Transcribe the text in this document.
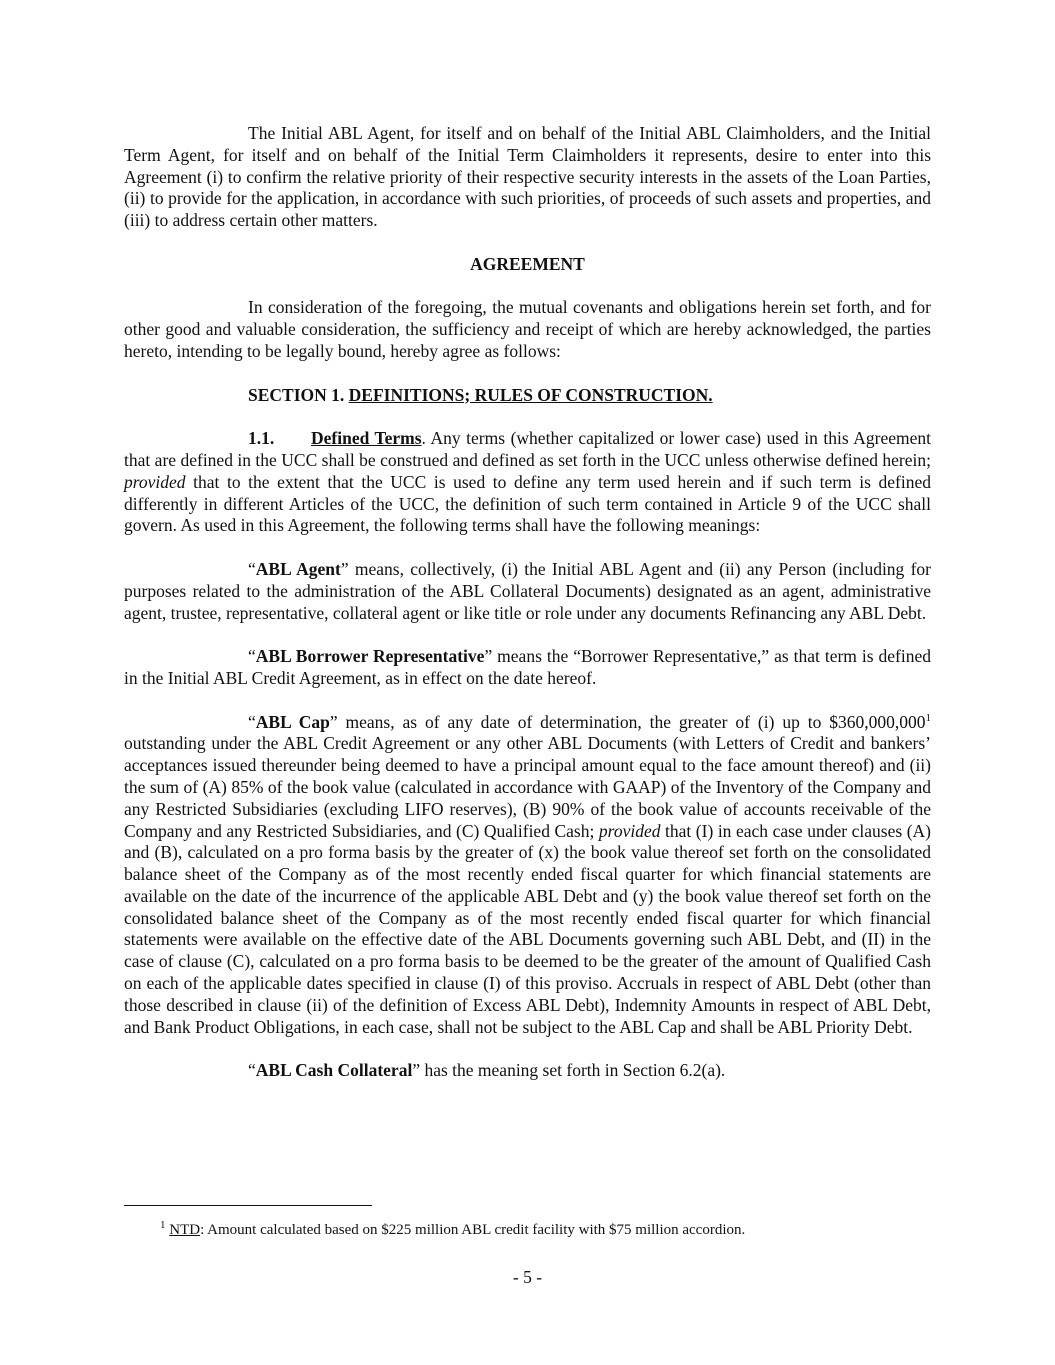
The Initial ABL Agent, for itself and on behalf of the Initial ABL Claimholders, and the Initial Term Agent, for itself and on behalf of the Initial Term Claimholders it represents, desire to enter into this Agreement (i) to confirm the relative priority of their respective security interests in the assets of the Loan Parties, (ii) to provide for the application, in accordance with such priorities, of proceeds of such assets and properties, and (iii) to address certain other matters.

AGREEMENT

In consideration of the foregoing, the mutual covenants and obligations herein set forth, and for other good and valuable consideration, the sufficiency and receipt of which are hereby acknowledged, the parties hereto, intending to be legally bound, hereby agree as follows:

SECTION 1. DEFINITIONS; RULES OF CONSTRUCTION.

1.1. Defined Terms. Any terms (whether capitalized or lower case) used in this Agreement that are defined in the UCC shall be construed and defined as set forth in the UCC unless otherwise defined herein; provided that to the extent that the UCC is used to define any term used herein and if such term is defined differently in different Articles of the UCC, the definition of such term contained in Article 9 of the UCC shall govern. As used in this Agreement, the following terms shall have the following meanings:

“ABL Agent” means, collectively, (i) the Initial ABL Agent and (ii) any Person (including for purposes related to the administration of the ABL Collateral Documents) designated as an agent, administrative agent, trustee, representative, collateral agent or like title or role under any documents Refinancing any ABL Debt.

“ABL Borrower Representative” means the “Borrower Representative,” as that term is defined in the Initial ABL Credit Agreement, as in effect on the date hereof.

“ABL Cap” means, as of any date of determination, the greater of (i) up to $360,000,000$^1$ outstanding under the ABL Credit Agreement or any other ABL Documents (with Letters of Credit and bankers’ acceptances issued thereunder being deemed to have a principal amount equal to the face amount thereof) and (ii) the sum of (A) 85% of the book value (calculated in accordance with GAAP) of the Inventory of the Company and any Restricted Subsidiaries (excluding LIFO reserves), (B) 90% of the book value of accounts receivable of the Company and any Restricted Subsidiaries, and (C) Qualified Cash; provided that (I) in each case under clauses (A) and (B), calculated on a pro forma basis by the greater of (x) the book value thereof set forth on the consolidated balance sheet of the Company as of the most recently ended fiscal quarter for which financial statements are available on the date of the incurrence of the applicable ABL Debt and (y) the book value thereof set forth on the consolidated balance sheet of the Company as of the most recently ended fiscal quarter for which financial statements were available on the effective date of the ABL Documents governing such ABL Debt, and (II) in the case of clause (C), calculated on a pro forma basis to be deemed to be the greater of the amount of Qualified Cash on each of the applicable dates specified in clause (I) of this proviso. Accruals in respect of ABL Debt (other than those described in clause (ii) of the definition of Excess ABL Debt), Indemnity Amounts in respect of ABL Debt, and Bank Product Obligations, in each case, shall not be subject to the ABL Cap and shall be ABL Priority Debt.

“ABL Cash Collateral” has the meaning set forth in Section 6.2(a).

$^1$ NTD: Amount calculated based on $225 million ABL credit facility with $75 million accordion.
- 5 -
